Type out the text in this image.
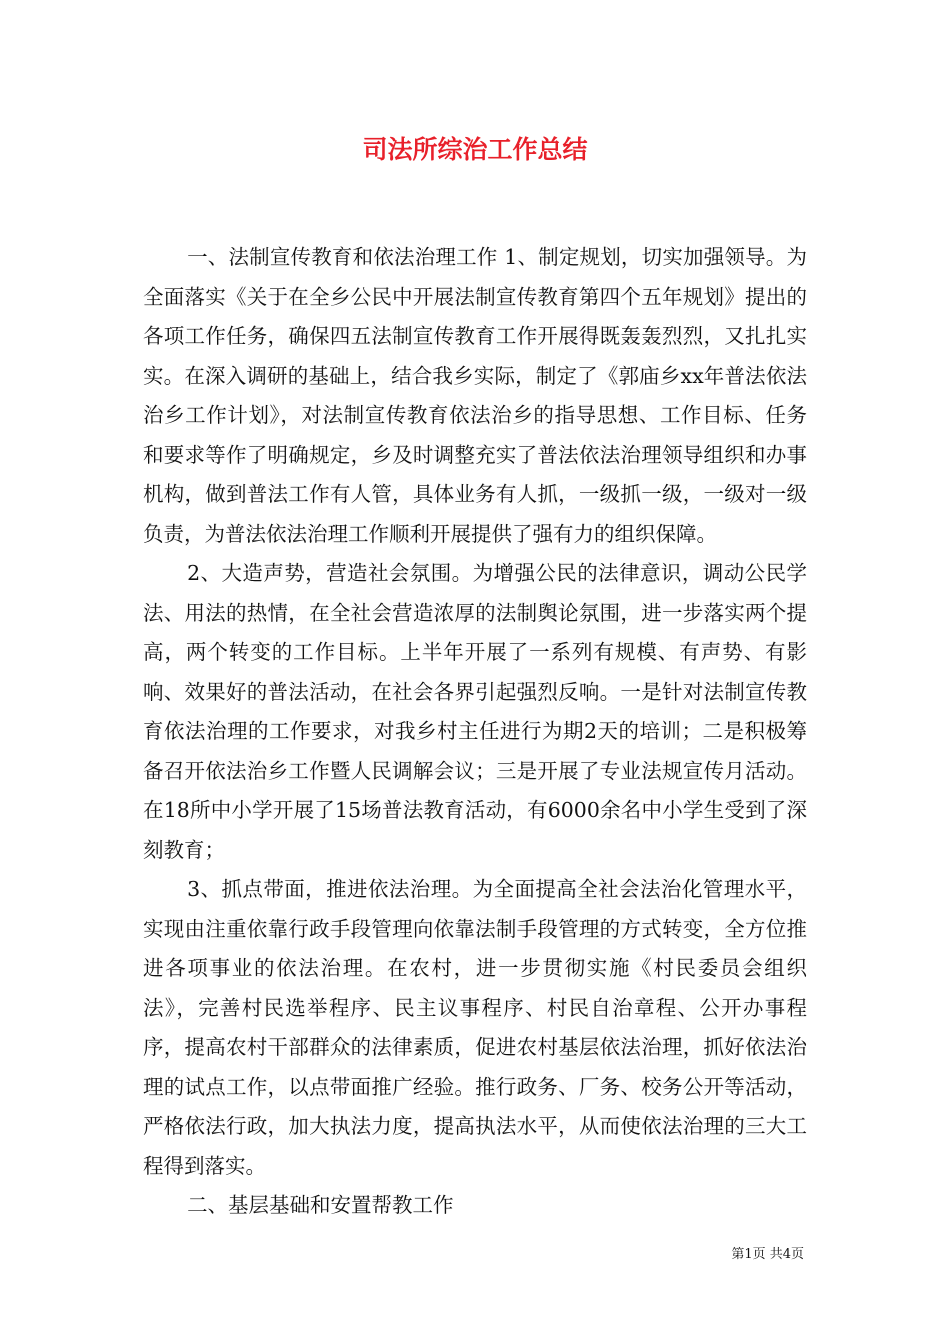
司法所综治工作总结

一、法制宣传教育和依法治理工作 1、制定规划，切实加强领导。为全面落实《关于在全乡公民中开展法制宣传教育第四个五年规划》提出的各项工作任务，确保四五法制宣传教育工作开展得既轰轰烈烈，又扎扎实实。在深入调研的基础上，结合我乡实际，制定了《郭庙乡xx年普法依法治乡工作计划》，对法制宣传教育依法治乡的指导思想、工作目标、任务和要求等作了明确规定，乡及时调整充实了普法依法治理领导组织和办事机构，做到普法工作有人管，具体业务有人抓，一级抓一级，一级对一级负责，为普法依法治理工作顺利开展提供了强有力的组织保障。

2、大造声势，营造社会氛围。为增强公民的法律意识，调动公民学法、用法的热情，在全社会营造浓厚的法制舆论氛围，进一步落实两个提高，两个转变的工作目标。上半年开展了一系列有规模、有声势、有影响、效果好的普法活动，在社会各界引起强烈反响。一是针对法制宣传教育依法治理的工作要求，对我乡村主任进行为期2天的培训；二是积极筹备召开依法治乡工作暨人民调解会议；三是开展了专业法规宣传月活动。在18所中小学开展了15场普法教育活动，有6000余名中小学生受到了深刻教育；

3、抓点带面，推进依法治理。为全面提高全社会法治化管理水平，实现由注重依靠行政手段管理向依靠法制手段管理的方式转变，全方位推进各项事业的依法治理。在农村，进一步贯彻实施《村民委员会组织法》，完善村民选举程序、民主议事程序、村民自治章程、公开办事程序，提高农村干部群众的法律素质，促进农村基层依法治理，抓好依法治理的试点工作，以点带面推广经验。推行政务、厂务、校务公开等活动，严格依法行政，加大执法力度，提高执法水平，从而使依法治理的三大工程得到落实。

二、基层基础和安置帮教工作

第1页 共4页
